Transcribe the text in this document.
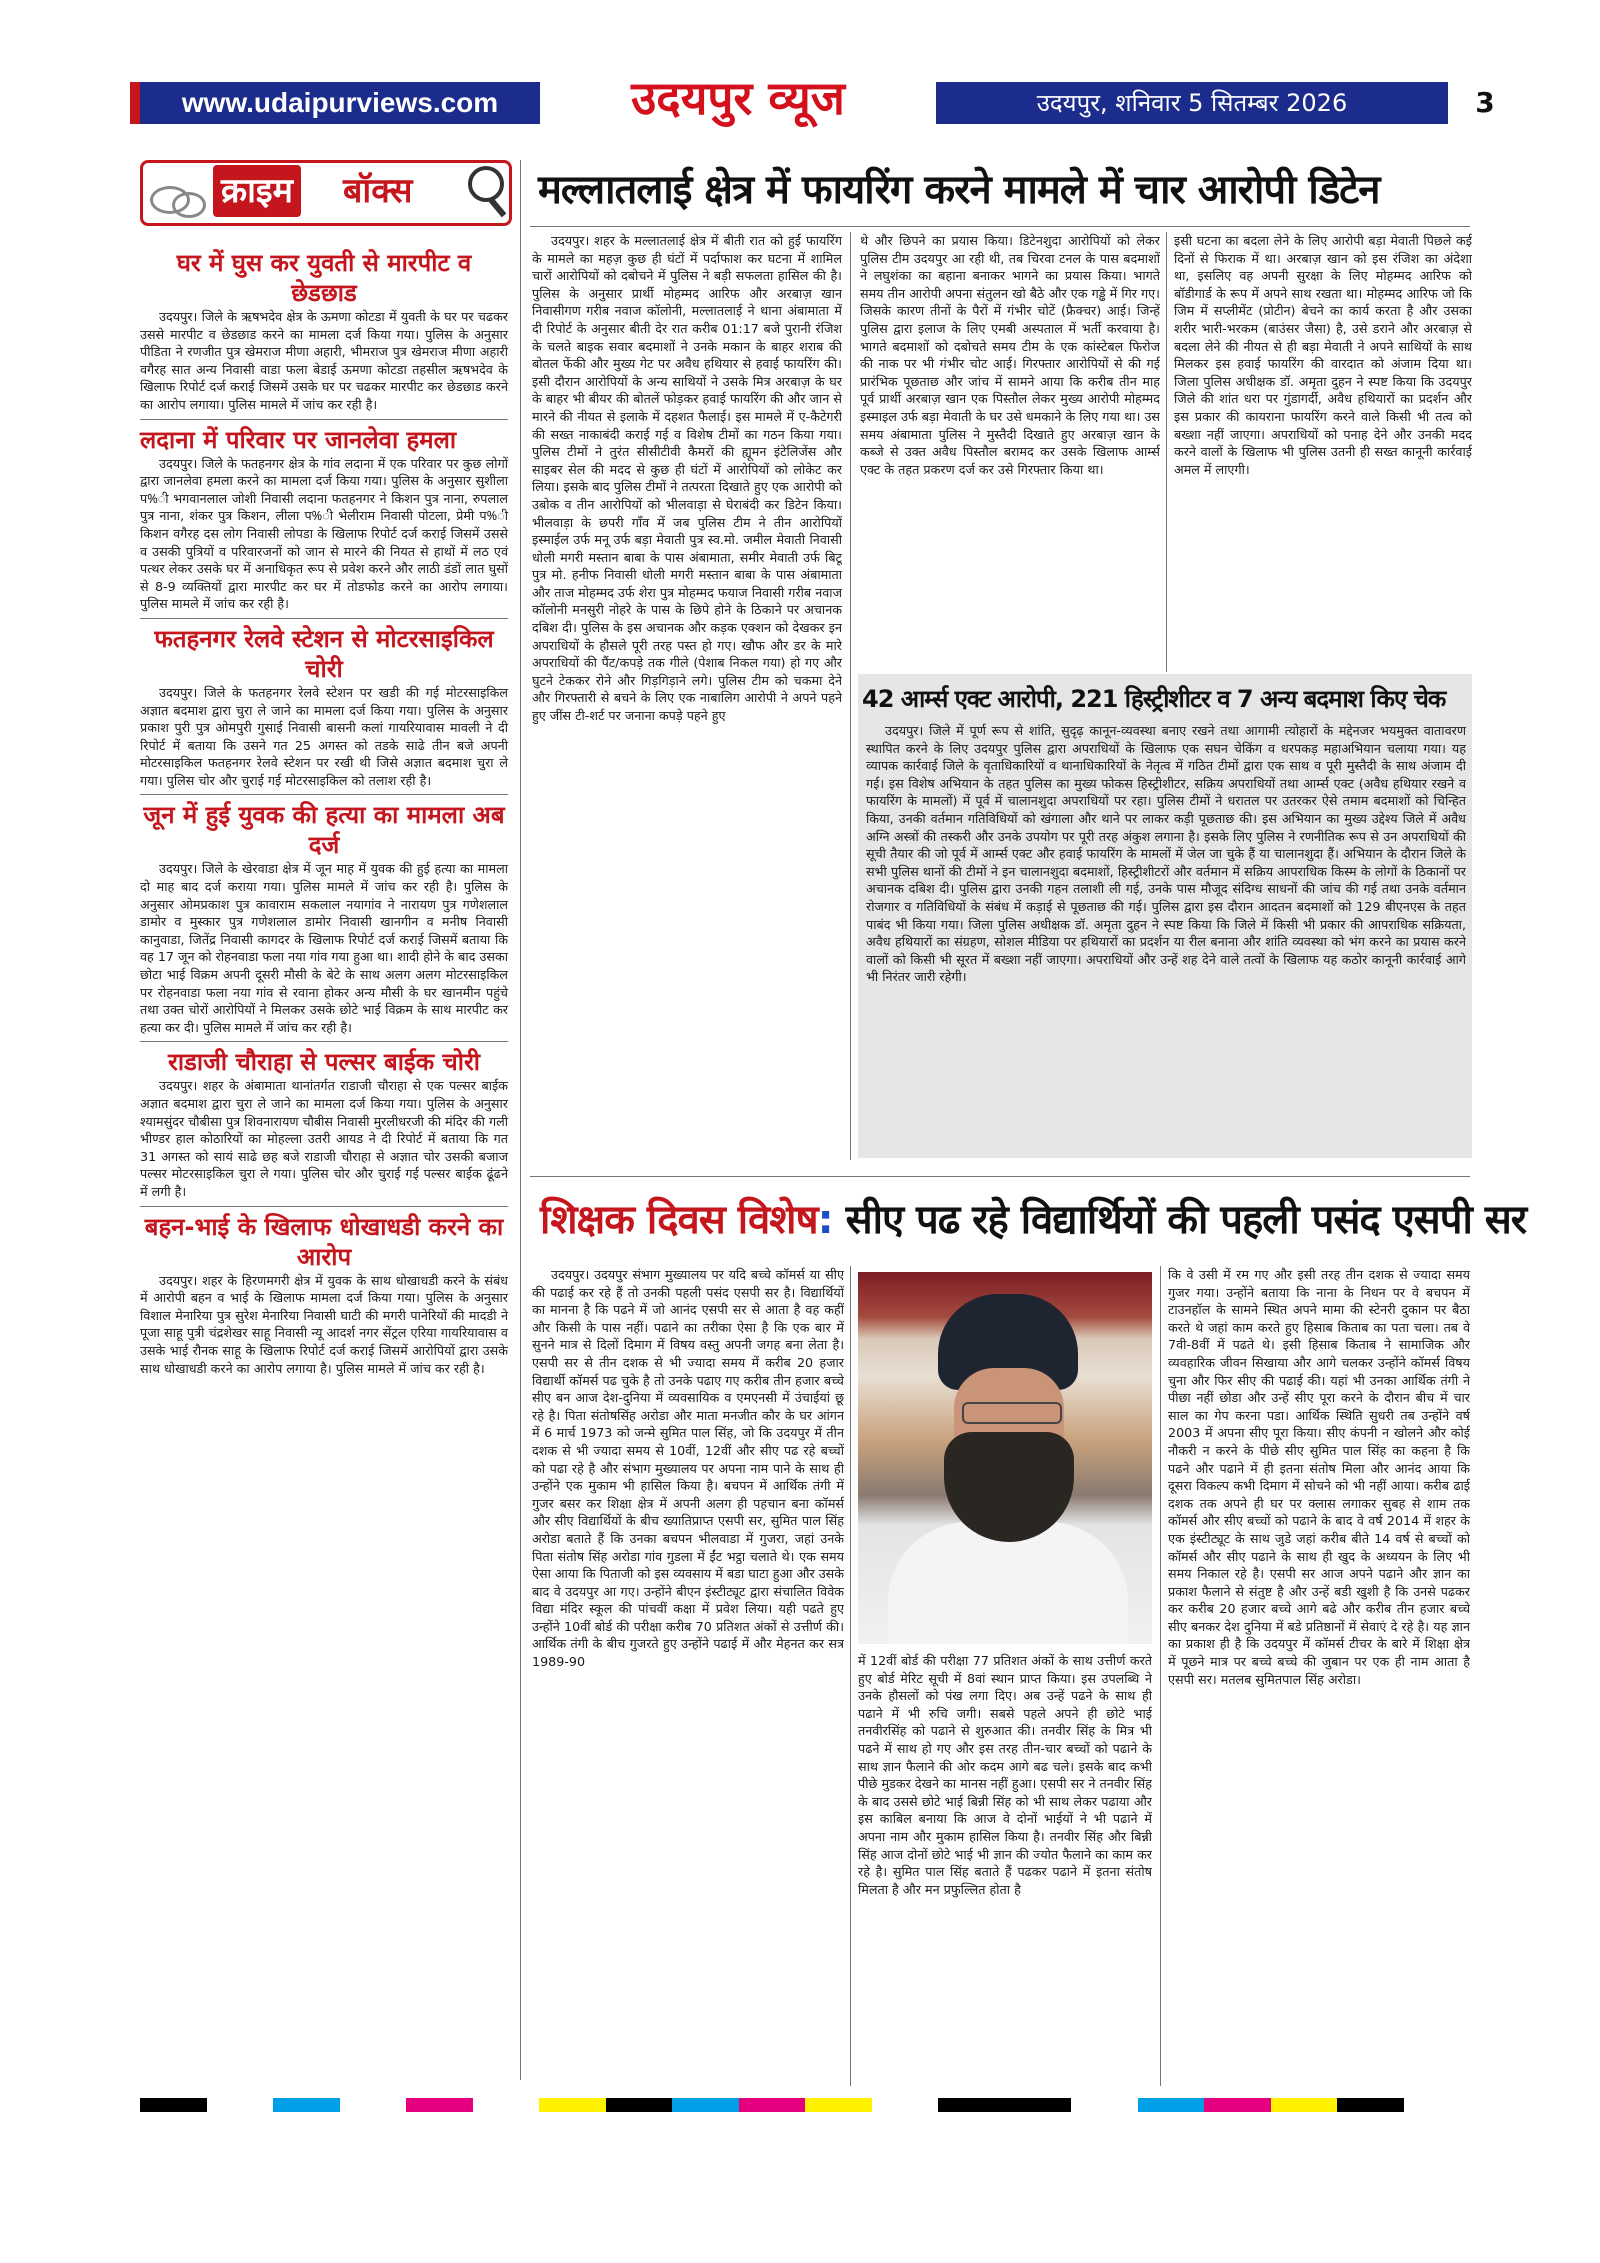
www.udaipurviews.com	उदयपुर व्यूज	उदयपुर, शनिवार 5 सितम्बर 2026	3
क्राइम बॉक्स
घर में घुस कर युवती से मारपीट व छेडछाड

उदयपुर। जिले के ऋषभदेव क्षेत्र के ऊमणा कोटडा में युवती के घर पर चढकर उससे मारपीट व छेडछाड करने का मामला दर्ज किया गया। पुलिस के अनुसार पीडिता ने रणजीत पुत्र खेमराज मीणा अहारी, भीमराज पुत्र खेमराज मीणा अहारी वगैरह सात अन्य निवासी वाडा फला बेडाई ऊमणा कोटडा तहसील ऋषभदेव के खिलाफ रिपोर्ट दर्ज कराई जिसमें उसके घर पर चढकर मारपीट कर छेडछाड करने का आरोप लगाया। पुलिस मामले में जांच कर रही है।

लदाना में परिवार पर जानलेवा हमला

उदयपुर। जिले के फतहनगर क्षेत्र के गांव लदाना में एक परिवार पर कुछ लोगों द्वारा जानलेवा हमला करने का मामला दर्ज किया गया। पुलिस के अनुसार सुशीला प%ी भगवानलाल जोशी निवासी लदाना फतहनगर ने किशन पुत्र नाना, रुपलाल पुत्र नाना, शंकर पुत्र किशन, लीला प%ी भेलीराम निवासी पोटला, प्रेमी प%ी किशन वगैरह दस लोग निवासी लोपडा के खिलाफ रिपोर्ट दर्ज कराई जिसमें उससे व उसकी पुत्रियों व परिवारजनों को जान से मारने की नियत से हाथों में लठ एवं पत्थर लेकर उसके घर में अनाधिकृत रूप से प्रवेश करने और लाठी डंडों लात घुसों से 8-9 व्यक्तियों द्वारा मारपीट कर घर में तोडफोड करने का आरोप लगाया। पुलिस मामले में जांच कर रही है।

फतहनगर रेलवे स्टेशन से मोटरसाइकिल चोरी

उदयपुर। जिले के फतहनगर रेलवे स्टेशन पर खडी की गई मोटरसाइकिल अज्ञात बदमाश द्वारा चुरा ले जाने का मामला दर्ज किया गया। पुलिस के अनुसार प्रकाश पुरी पुत्र ओमपुरी गुसाई निवासी बासनी कलां गायरियावास मावली ने दी रिपोर्ट में बताया कि उसने गत 25 अगस्त को तडके साढे तीन बजे अपनी मोटरसाइकिल फतहनगर रेलवे स्टेशन पर रखी थी जिसे अज्ञात बदमाश चुरा ले गया। पुलिस चोर और चुराई गई मोटरसाइकिल को तलाश रही है।

जून में हुई युवक की हत्या का मामला अब दर्ज

उदयपुर। जिले के खेरवाडा क्षेत्र में जून माह में युवक की हुई हत्या का मामला दो माह बाद दर्ज कराया गया। पुलिस मामले में जांच कर रही है। पुलिस के अनुसार ओमप्रकाश पुत्र कावाराम सकलाल नयागांव ने नारायण पुत्र गणेशलाल डामोर व मुस्कार पुत्र गणेशलाल डामोर निवासी खानगीन व मनीष निवासी कानुवाडा, जितेंद्र निवासी कागदर के खिलाफ रिपोर्ट दर्ज कराई जिसमें बताया कि वह 17 जून को रोहनवाडा फला नया गांव गया हुआ था। शादी होने के बाद उसका छोटा भाई विक्रम अपनी दूसरी मौसी के बेटे के साथ अलग अलग मोटरसाइकिल पर रोहनवाडा फला नया गांव से रवाना होकर अन्य मौसी के घर खानमीन पहुंचे तथा उक्त चोरों आरोपियों ने मिलकर उसके छोटे भाई विक्रम के साथ मारपीट कर हत्या कर दी। पुलिस मामले में जांच कर रही है।

राडाजी चौराहा से पल्सर बाईक चोरी

उदयपुर। शहर के अंबामाता थानांतर्गत राडाजी चौराहा से एक पल्सर बाईक अज्ञात बदमाश द्वारा चुरा ले जाने का मामला दर्ज किया गया। पुलिस के अनुसार श्यामसुंदर चौबीसा पुत्र शिवनारायण चौबीस निवासी मुरलीधरजी की मंदिर की गली भीण्डर हाल कोठारियों का मोहल्ला उतरी आयड ने दी रिपोर्ट में बताया कि गत 31 अगस्त को सायं साढे छह बजे राडाजी चौराहा से अज्ञात चोर उसकी बजाज पल्सर मोटरसाइकिल चुरा ले गया। पुलिस चोर और चुराई गई पल्सर बाईक ढूंढने में लगी है।

बहन-भाई के खिलाफ धोखाधडी करने का आरोप

उदयपुर। शहर के हिरणमगरी क्षेत्र में युवक के साथ धोखाधडी करने के संबंध में आरोपी बहन व भाई के खिलाफ मामला दर्ज किया गया। पुलिस के अनुसार विशाल मेनारिया पुत्र सुरेश मेनारिया निवासी घाटी की मगरी पानेरियों की मादडी ने पूजा साहू पुत्री चंद्रशेखर साहू निवासी न्यू आदर्श नगर सेंट्रल एरिया गायरियावास व उसके भाई रौनक साहू के खिलाफ रिपोर्ट दर्ज कराई जिसमें आरोपियों द्वारा उसके साथ धोखाधडी करने का आरोप लगाया है। पुलिस मामले में जांच कर रही है।

मल्लातलाई क्षेत्र में फायरिंग करने मामले में चार आरोपी डिटेन

उदयपुर। शहर के मल्लातलाई क्षेत्र में बीती रात को हुई फायरिंग के मामले का महज़ कुछ ही घंटों में पर्दाफाश कर घटना में शामिल चारों आरोपियों को दबोचने में पुलिस ने बड़ी सफलता हासिल की है। पुलिस के अनुसार प्रार्थी मोहम्मद आरिफ और अरबाज़ खान निवासीगण गरीब नवाज कॉलोनी, मल्लातलाई ने थाना अंबामाता में दी रिपोर्ट के अनुसार बीती देर रात करीब 01:17 बजे पुरानी रंजिश के चलते बाइक सवार बदमाशों ने उनके मकान के बाहर शराब की बोतल फेंकी और मुख्य गेट पर अवैध हथियार से हवाई फायरिंग की। इसी दौरान आरोपियों के अन्य साथियों ने उसके मित्र अरबाज़ के घर के बाहर भी बीयर की बोतलें फोड़कर हवाई फायरिंग की और जान से मारने की नीयत से इलाके में दहशत फैलाई। इस मामले में ए-कैटेगरी की सख्त नाकाबंदी कराई गई व विशेष टीमों का गठन किया गया। पुलिस टीमों ने तुरंत सीसीटीवी कैमरों की ह्यूमन इंटेलिजेंस और साइबर सेल की मदद से कुछ ही घंटों में आरोपियों को लोकेट कर लिया। इसके बाद पुलिस टीमों ने तत्परता दिखाते हुए एक आरोपी को उबोक व तीन आरोपियों को भीलवाड़ा से घेराबंदी कर डिटेन किया। भीलवाड़ा के छपरी गाँव में जब पुलिस टीम ने तीन आरोपियों इस्माईल उर्फ मनू उर्फ बड़ा मेवाती पुत्र स्व.मो. जमील मेवाती निवासी धोली मगरी मस्तान बाबा के पास अंबामाता, समीर मेवाती उर्फ बिटू पुत्र मो. हनीफ निवासी धोली मगरी मस्तान बाबा के पास अंबामाता और ताज मोहम्मद उर्फ शेरा पुत्र मोहम्मद फयाज निवासी गरीब नवाज कॉलोनी मनसुरी नोहरे के पास के छिपे होने के ठिकाने पर अचानक दबिश दी। पुलिस के इस अचानक और कड़क एक्शन को देखकर इन अपराधियों के हौसले पूरी तरह पस्त हो गए। खौफ और डर के मारे अपराधियों की पैंट/कपड़े तक गीले (पेशाब निकल गया) हो गए और घुटने टेककर रोने और गिड़गिड़ाने लगे। पुलिस टीम को चकमा देने और गिरफ्तारी से बचने के लिए एक नाबालिग आरोपी ने अपने पहने हुए जींस टी-शर्ट पर जनाना कपड़े पहने हुए

थे और छिपने का प्रयास किया। डिटेनशुदा आरोपियों को लेकर पुलिस टीम उदयपुर आ रही थी, तब चिरवा टनल के पास बदमाशों ने लघुशंका का बहाना बनाकर भागने का प्रयास किया। भागते समय तीन आरोपी अपना संतुलन खो बैठे और एक गड्ढे में गिर गए। जिसके कारण तीनों के पैरों में गंभीर चोटें (फ्रैक्चर) आई। जिन्हें पुलिस द्वारा इलाज के लिए एमबी अस्पताल में भर्ती करवाया है। भागते बदमाशों को दबोचते समय टीम के एक कांस्टेबल फिरोज की नाक पर भी गंभीर चोट आई। गिरफ्तार आरोपियों से की गई प्रारंभिक पूछताछ और जांच में सामने आया कि करीब तीन माह पूर्व प्रार्थी अरबाज़ खान एक पिस्तौल लेकर मुख्य आरोपी मोहम्मद इस्माइल उर्फ बड़ा मेवाती के घर उसे धमकाने के लिए गया था। उस समय अंबामाता पुलिस ने मुस्तैदी दिखाते हुए अरबाज़ खान के कब्जे से उक्त अवैध पिस्तौल बरामद कर उसके खिलाफ आर्म्स एक्ट के तहत प्रकरण दर्ज कर उसे गिरफ्तार किया था।

इसी घटना का बदला लेने के लिए आरोपी बड़ा मेवाती पिछले कई दिनों से फिराक में था। अरबाज़ खान को इस रंजिश का अंदेशा था, इसलिए वह अपनी सुरक्षा के लिए मोहम्मद आरिफ को बॉडीगार्ड के रूप में अपने साथ रखता था। मोहम्मद आरिफ जो कि जिम में सप्लीमेंट (प्रोटीन) बेचने का कार्य करता है और उसका शरीर भारी-भरकम (बाउंसर जैसा) है, उसे डराने और अरबाज़ से बदला लेने की नीयत से ही बड़ा मेवाती ने अपने साथियों के साथ मिलकर इस हवाई फायरिंग की वारदात को अंजाम दिया था। जिला पुलिस अधीक्षक डॉ. अमृता दुहन ने स्पष्ट किया कि उदयपुर जिले की शांत धरा पर गुंडागर्दी, अवैध हथियारों का प्रदर्शन और इस प्रकार की कायराना फायरिंग करने वाले किसी भी तत्व को बख्शा नहीं जाएगा। अपराधियों को पनाह देने और उनकी मदद करने वालों के खिलाफ भी पुलिस उतनी ही सख्त कानूनी कार्रवाई अमल में लाएगी।

42 आर्म्स एक्ट आरोपी, 221 हिस्ट्रीशीटर व 7 अन्य बदमाश किए चेक

उदयपुर। जिले में पूर्ण रूप से शांति, सुदृढ़ कानून-व्यवस्था बनाए रखने तथा आगामी त्योहारों के मद्देनजर भयमुक्त वातावरण स्थापित करने के लिए उदयपुर पुलिस द्वारा अपराधियों के खिलाफ एक सघन चेकिंग व धरपकड़ महाअभियान चलाया गया। यह व्यापक कार्रवाई जिले के वृताधिकारियों व थानाधिकारियों के नेतृत्व में गठित टीमों द्वारा एक साथ व पूरी मुस्तैदी के साथ अंजाम दी गई। इस विशेष अभियान के तहत पुलिस का मुख्य फोकस हिस्ट्रीशीटर, सक्रिय अपराधियों तथा आर्म्स एक्ट (अवैध हथियार रखने व फायरिंग के मामलों) में पूर्व में चालानशुदा अपराधियों पर रहा। पुलिस टीमों ने धरातल पर उतरकर ऐसे तमाम बदमाशों को चिन्हित किया, उनकी वर्तमान गतिविधियों को खंगाला और थाने पर लाकर कड़ी पूछताछ की। इस अभियान का मुख्य उद्देश्य जिले में अवैध अग्नि अस्त्रों की तस्करी और उनके उपयोग पर पूरी तरह अंकुश लगाना है। इसके लिए पुलिस ने रणनीतिक रूप से उन अपराधियों की सूची तैयार की जो पूर्व में आर्म्स एक्ट और हवाई फायरिंग के मामलों में जेल जा चुके हैं या चालानशुदा हैं। अभियान के दौरान जिले के सभी पुलिस थानों की टीमों ने इन चालानशुदा बदमाशों, हिस्ट्रीशीटरों और वर्तमान में सक्रिय आपराधिक किस्म के लोगों के ठिकानों पर अचानक दबिश दी। पुलिस द्वारा उनकी गहन तलाशी ली गई, उनके पास मौजूद संदिग्ध साधनों की जांच की गई तथा उनके वर्तमान रोजगार व गतिविधियों के संबंध में कड़ाई से पूछताछ की गई। पुलिस द्वारा इस दौरान आदतन बदमाशों को 129 बीएनएस के तहत पाबंद भी किया गया। जिला पुलिस अधीक्षक डॉ. अमृता दुहन ने स्पष्ट किया कि जिले में किसी भी प्रकार की आपराधिक सक्रियता, अवैध हथियारों का संग्रहण, सोशल मीडिया पर हथियारों का प्रदर्शन या रील बनाना और शांति व्यवस्था को भंग करने का प्रयास करने वालों को किसी भी सूरत में बख्शा नहीं जाएगा। अपराधियों और उन्हें शह देने वाले तत्वों के खिलाफ यह कठोर कानूनी कार्रवाई आगे भी निरंतर जारी रहेगी।

शिक्षक दिवस विशेष: सीए पढ रहे विद्यार्थियों की पहली पसंद एसपी सर

उदयपुर। उदयपुर संभाग मुख्यालय पर यदि बच्चे कॉमर्स या सीए की पढाई कर रहे हैं तो उनकी पहली पसंद एसपी सर है। विद्यार्थियों का मानना है कि पढने में जो आनंद एसपी सर से आता है वह कहीं और किसी के पास नहीं। पढाने का तरीका ऐसा है कि एक बार में सुनने मात्र से दिलों दिमाग में विषय वस्तु अपनी जगह बना लेता है। एसपी सर से तीन दशक से भी ज्यादा समय में करीब 20 हजार विद्यार्थी कॉमर्स पढ चुके है तो उनके पढाए गए करीब तीन हजार बच्चे सीए बन आज देश-दुनिया में व्यवसायिक व एमएनसी में उंचाईयां छू रहे है। पिता संतोषसिंह अरोडा और माता मनजीत कौर के घर आंगन में 6 मार्च 1973 को जन्मे सुमित पाल सिंह, जो कि उदयपुर में तीन दशक से भी ज्यादा समय से 10वीं, 12वीं और सीए पढ रहे बच्चों को पढा रहे है और संभाग मुख्यालय पर अपना नाम पाने के साथ ही उन्होंने एक मुकाम भी हासिल किया है। बचपन में आर्थिक तंगी में गुजर बसर कर शिक्षा क्षेत्र में अपनी अलग ही पहचान बना कॉमर्स और सीए विद्यार्थियों के बीच ख्यातिप्राप्त एसपी सर, सुमित पाल सिंह अरोडा बताते हैं कि उनका बचपन भीलवाडा में गुजरा, जहां उनके पिता संतोष सिंह अरोडा गांव गुडला में ईंट भट्ठा चलाते थे। एक समय ऐसा आया कि पिताजी को इस व्यवसाय में बडा घाटा हुआ और उसके बाद वे उदयपुर आ गए। उन्होंने बीएन इंस्टीट्यूट द्वारा संचालित विवेक विद्या मंदिर स्कूल की पांचवीं कक्षा में प्रवेश लिया। यही पढते हुए उन्होंने 10वीं बोर्ड की परीक्षा करीब 70 प्रतिशत अंकों से उत्तीर्ण की। आर्थिक तंगी के बीच गुजरते हुए उन्होंने पढाई में और मेहनत कर सत्र 1989-90	में 12वीं बोर्ड की परीक्षा 77 प्रतिशत अंकों के साथ उत्तीर्ण करते हुए बोर्ड मेरिट सूची में 8वां स्थान प्राप्त किया। इस उपलब्धि ने उनके हौसलों को पंख लगा दिए। अब उन्हें पढने के साथ ही पढाने में भी रुचि जगी। सबसे पहले अपने ही छोटे भाई तनवीरसिंह को पढाने से शुरुआत की। तनवीर सिंह के मित्र भी पढने में साथ हो गए और इस तरह तीन-चार बच्चों को पढाने के साथ ज्ञान फैलाने की ओर कदम आगे बढ चले। इसके बाद कभी पीछे मुडकर देखने का मानस नहीं हुआ। एसपी सर ने तनवीर सिंह के बाद उससे छोटे भाई बिन्नी सिंह को भी साथ लेकर पढाया और इस काबिल बनाया कि आज वे दोनों भाईयों ने भी पढाने में अपना नाम और मुकाम हासिल किया है। तनवीर सिंह और बिन्नी सिंह आज दोनों छोटे भाई भी ज्ञान की ज्योत फैलाने का काम कर रहे है। सुमित पाल सिंह बताते हैं पढकर पढाने में इतना संतोष मिलता है और मन प्रफुल्लित होता है

कि वे उसी में रम गए और इसी तरह तीन दशक से ज्यादा समय गुजर गया। उन्होंने बताया कि नाना के निधन पर वे बचपन में टाउनहॉल के सामने स्थित अपने मामा की स्टेनरी दुकान पर बैठा करते थे जहां काम करते हुए हिसाब किताब का पता चला। तब वे 7वी-8वीं में पढते थे। इसी हिसाब किताब ने सामाजिक और व्यवहारिक जीवन सिखाया और आगे चलकर उन्होंने कॉमर्स विषय चुना और फिर सीए की पढाई की। यहां भी उनका आर्थिक तंगी ने पीछा नहीं छोडा और उन्हें सीए पूरा करने के दौरान बीच में चार साल का गेप करना पडा। आर्थिक स्थिति सुधरी तब उन्होंने वर्ष 2003 में अपना सीए पूरा किया। सीए कंपनी न खोलने और कोई नौकरी न करने के पीछे सीए सुमित पाल सिंह का कहना है कि पढने और पढाने में ही इतना संतोष मिला और आनंद आया कि दूसरा विकल्प कभी दिमाग में सोचने को भी नहीं आया। करीब ढाई दशक तक अपने ही घर पर क्लास लगाकर सुबह से शाम तक कॉमर्स और सीए बच्चों को पढाने के बाद वे वर्ष 2014 में शहर के एक इंस्टीट्यूट के साथ जुडे जहां करीब बीते 14 वर्ष से बच्चों को कॉमर्स और सीए पढाने के साथ ही खुद के अध्ययन के लिए भी समय निकाल रहे है। एसपी सर आज अपने पढाने और ज्ञान का प्रकाश फैलाने से संतुष्ट है और उन्हें बडी खुशी है कि उनसे पढकर कर करीब 20 हजार बच्चे आगे बढे और करीब तीन हजार बच्चे सीए बनकर देश दुनिया में बडे प्रतिष्ठानों में सेवाएं दे रहे है। यह ज्ञान का प्रकाश ही है कि उदयपुर में कॉमर्स टीचर के बारे में शिक्षा क्षेत्र में पूछने मात्र पर बच्चे बच्चे की जुबान पर एक ही नाम आता है एसपी सर। मतलब सुमितपाल सिंह अरोडा।
